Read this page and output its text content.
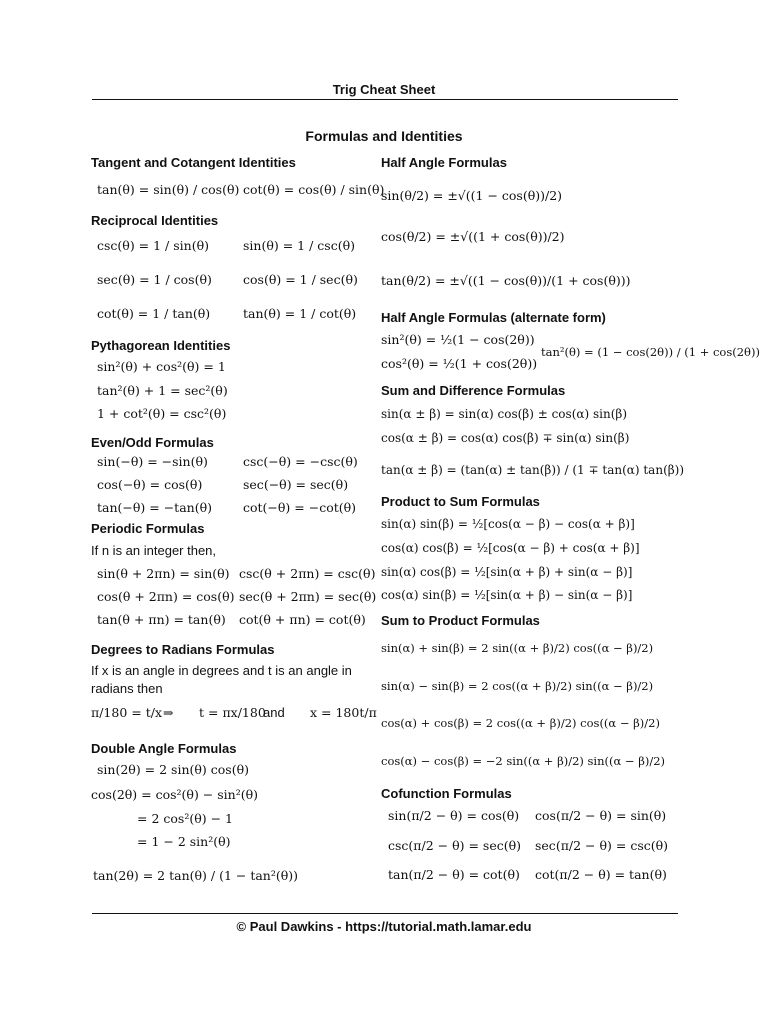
Trig Cheat Sheet
Formulas and Identities
Tangent and Cotangent Identities
tan(θ) = sin(θ) / cos(θ) cot(θ) = cos(θ) / sin(θ)
Reciprocal Identities
csc(θ) = 1 / sin(θ)	sin(θ) = 1 / csc(θ)
sec(θ) = 1 / cos(θ) cos(θ) = 1 / sec(θ)
cot(θ) = 1 / tan(θ)	tan(θ) = 1 / cot(θ)
Pythagorean Identities
sin²(θ) + cos²(θ) = 1
tan²(θ) + 1 = sec²(θ)
1 + cot²(θ) = csc²(θ)
Even/Odd Formulas
sin(−θ) = −sin(θ)	csc(−θ) = −csc(θ)
cos(−θ) = cos(θ)	sec(−θ) = sec(θ)
tan(−θ) = −tan(θ) cot(−θ) = −cot(θ)
Periodic Formulas
If n is an integer then,
sin(θ + 2πn) = sin(θ) csc(θ + 2πn) = csc(θ)
cos(θ + 2πn) = cos(θ) sec(θ + 2πn) = sec(θ)
tan(θ + πn) = tan(θ) cot(θ + πn) = cot(θ)
Degrees to Radians Formulas
If x is an angle in degrees and t is an angle in
radians then
π/180 = t/x ⇒ t = πx/180
and x = 180t/π
Double Angle Formulas
sin(2θ) = 2 sin(θ) cos(θ)
cos(2θ) = cos²(θ) − sin²(θ)
= 2 cos²(θ) − 1
= 1 − 2 sin²(θ)
tan(2θ) = 2 tan(θ) / (1 − tan²(θ))
Half Angle Formulas
sin(θ/2) = ±√((1 − cos(θ))/2)
cos(θ/2) = ±√((1 + cos(θ))/2)
tan(θ/2) = ±√((1 − cos(θ))/(1 + cos(θ)))
Half Angle Formulas (alternate form)
sin²(θ) = ½(1 − cos(2θ))
cos²(θ) = ½(1 + cos(2θ))
tan²(θ) = (1 − cos(2θ)) / (1 + cos(2θ))
Sum and Difference Formulas
sin(α ± β) = sin(α) cos(β) ± cos(α) sin(β)
cos(α ± β) = cos(α) cos(β) ∓ sin(α) sin(β)
tan(α ± β) = (tan(α) ± tan(β)) / (1 ∓ tan(α) tan(β))
Product to Sum Formulas
sin(α) sin(β) = ½[cos(α − β) − cos(α + β)]
cos(α) cos(β) = ½[cos(α − β) + cos(α + β)]
sin(α) cos(β) = ½[sin(α + β) + sin(α − β)]
cos(α) sin(β) = ½[sin(α + β) − sin(α − β)]
Sum to Product Formulas
sin(α) + sin(β) = 2 sin((α + β)/2) cos((α − β)/2)
sin(α) − sin(β) = 2 cos((α + β)/2) sin((α − β)/2)
cos(α) + cos(β) = 2 cos((α + β)/2) cos((α − β)/2)
cos(α) − cos(β) = −2 sin((α + β)/2) sin((α − β)/2)
Cofunction Formulas
sin(π/2 − θ) = cos(θ) cos(π/2 − θ) = sin(θ)
csc(π/2 − θ) = sec(θ) sec(π/2 − θ) = csc(θ)
tan(π/2 − θ) = cot(θ) cot(π/2 − θ) = tan(θ)
© Paul Dawkins - https://tutorial.math.lamar.edu
